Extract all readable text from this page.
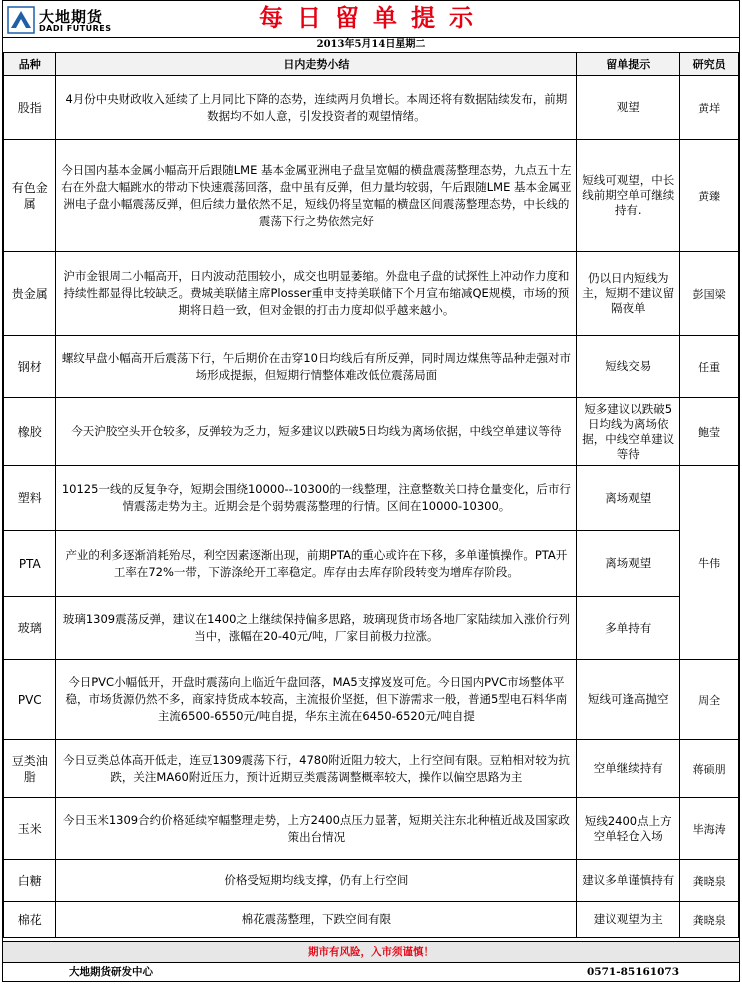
大地期货
DADI FUTURES	每日留单提示
2013年5月14日星期二
品种	日内走势小结	留单提示	研究员
股指	4月份中央财政收入延续了上月同比下降的态势，连续两月负增长。本周还将有数据陆续发布，前期数据均不如人意，引发投资者的观望情绪。	观望	黄垟
有色金属	今日国内基本金属小幅高开后跟随LME 基本金属亚洲电子盘呈宽幅的横盘震荡整理态势，九点五十左右在外盘大幅跳水的带动下快速震荡回落，盘中虽有反弹，但力量均较弱，午后跟随LME 基本金属亚洲电子盘小幅震荡反弹，但后续力量依然不足，短线仍将呈宽幅的横盘区间震荡整理态势，中长线的震荡下行之势依然完好	短线可观望，中长线前期空单可继续持有.	黄臻
贵金属	沪市金银周二小幅高开，日内波动范围较小，成交也明显萎缩。外盘电子盘的试探性上冲动作力度和持续性都显得比较缺乏。费城美联储主席Plosser重申支持美联储下个月宣布缩减QE规模，市场的预期将日趋一致，但对金银的打击力度却似乎越来越小。	仍以日内短线为主，短期不建议留隔夜单	彭国梁
钢材	螺纹早盘小幅高开后震荡下行，午后期价在击穿10日均线后有所反弹，同时周边煤焦等品种走强对市场形成提振，但短期行情整体难改低位震荡局面	短线交易	任重
橡胶	今天沪胶空头开仓较多，反弹较为乏力，短多建议以跌破5日均线为离场依据，中线空单建议等待	短多建议以跌破5日均线为离场依据，中线空单建议等待	鲍莹
塑料	10125一线的反复争夺，短期会围绕10000--10300的一线整理，注意整数关口持仓量变化，后市行情震荡走势为主。近期会是个弱势震荡整理的行情。区间在10000-10300。	离场观望	牛伟
PTA	产业的利多逐渐消耗殆尽，利空因素逐渐出现，前期PTA的重心或许在下移，多单谨慎操作。PTA开工率在72%一带，下游涤纶开工率稳定。库存由去库存阶段转变为增库存阶段。	离场观望	
玻璃	玻璃1309震荡反弹，建议在1400之上继续保持偏多思路，玻璃现货市场各地厂家陆续加入涨价行列当中，涨幅在20-40元/吨，厂家目前极力拉涨。	多单持有	
PVC	今日PVC小幅低开，开盘时震荡向上临近午盘回落，MA5支撑岌岌可危。今日国内PVC市场整体平稳，市场货源仍然不多，商家持货成本较高，主流报价坚挺，但下游需求一般，普通5型电石料华南主流6500-6550元/吨自提，华东主流在6450-6520元/吨自提	短线可逢高抛空	周全
豆类油脂	今日豆类总体高开低走，连豆1309震荡下行，4780附近阻力较大，上行空间有限。豆粕相对较为抗跌，关注MA60附近压力，预计近期豆类震荡调整概率较大，操作以偏空思路为主	空单继续持有	蒋硕朋
玉米	今日玉米1309合约价格延续窄幅整理走势，上方2400点压力显著，短期关注东北种植近战及国家政策出台情况	短线2400点上方空单轻仓入场	毕海涛
白糖	价格受短期均线支撑，仍有上行空间	建议多单谨慎持有	龚晓泉
棉花	棉花震荡整理，下跌空间有限	建议观望为主	龚晓泉
期市有风险，入市须谨慎！
大地期货研发中心	0571-85161073
